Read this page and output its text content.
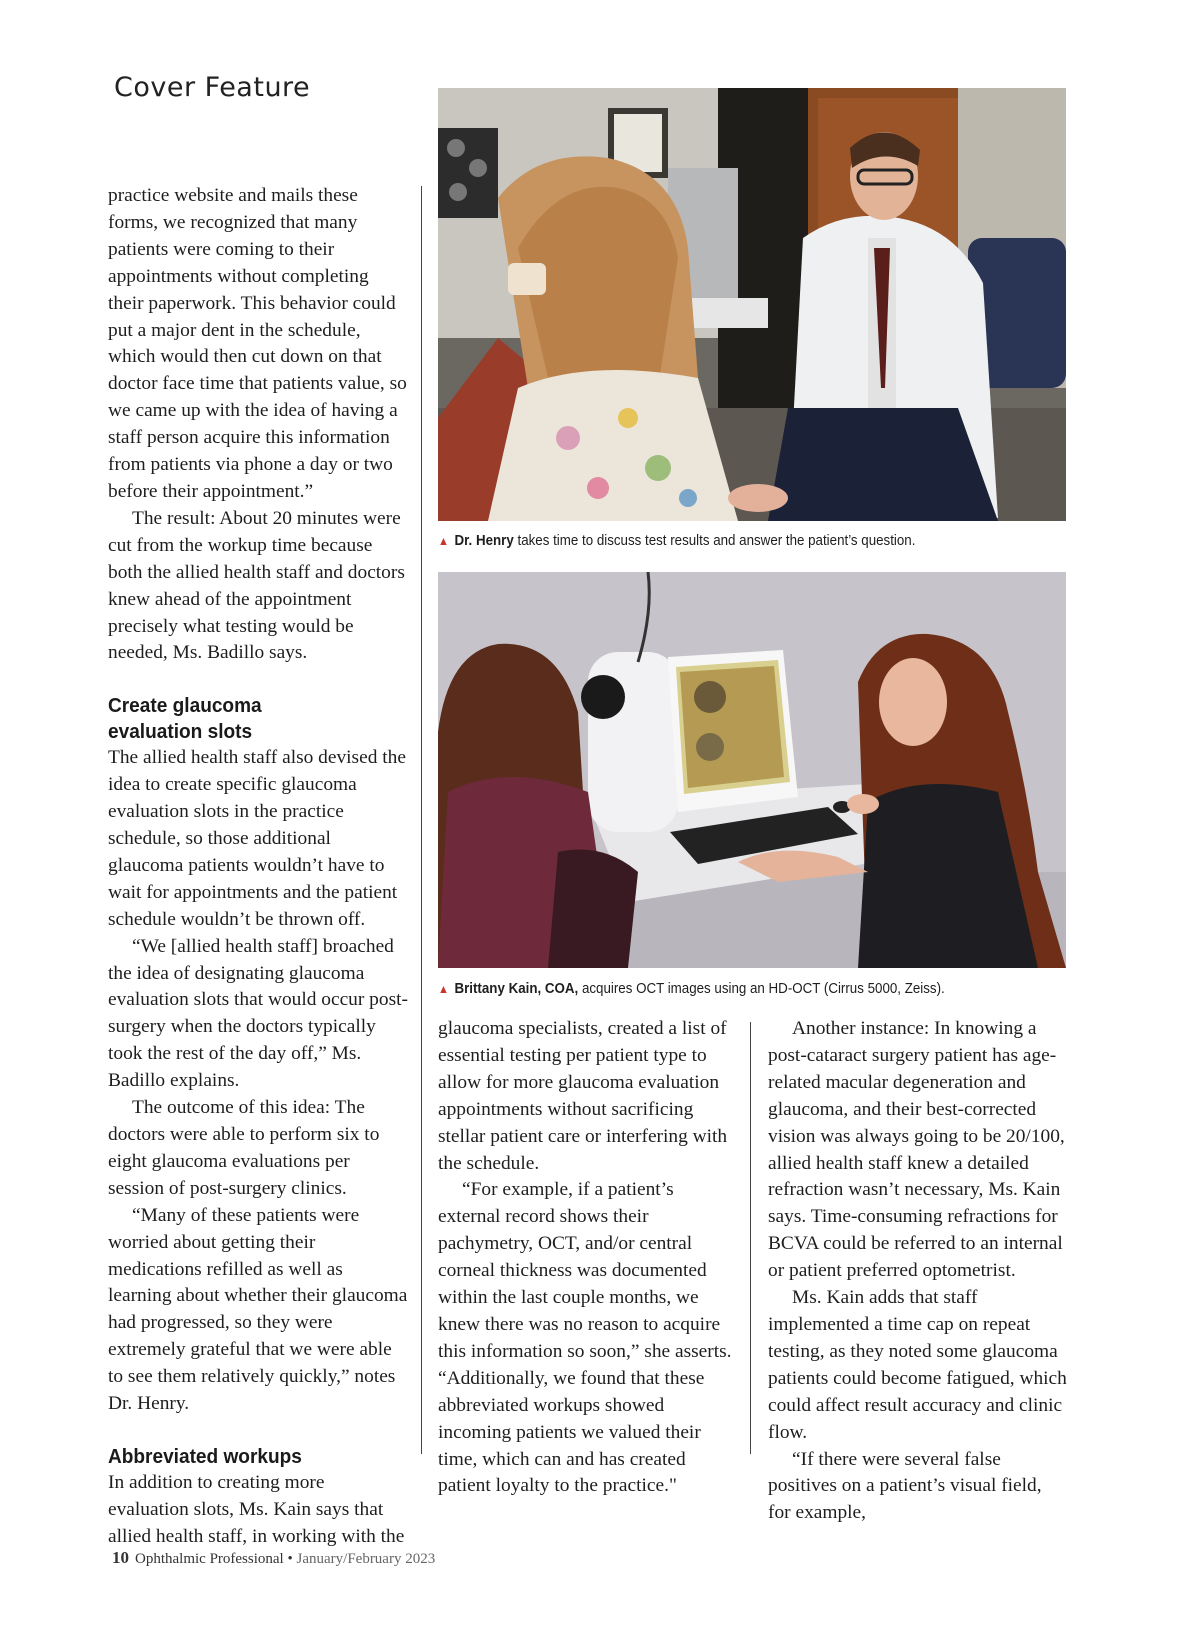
Cover Feature

practice website and mails these forms, we recognized that many patients were coming to their appointments without completing their paperwork. This behavior could put a major dent in the schedule, which would then cut down on that doctor face time that patients value, so we came up with the idea of having a staff person acquire this information from patients via phone a day or two before their appointment.”

The result: About 20 minutes were cut from the workup time because both the allied health staff and doctors knew ahead of the appointment precisely what testing would be needed, Ms. Badillo says.

Create glaucoma evaluation slots

The allied health staff also devised the idea to create specific glaucoma evaluation slots in the practice schedule, so those additional glaucoma patients wouldn’t have to wait for appointments and the patient schedule wouldn’t be thrown off.

“We [allied health staff] broached the idea of designating glaucoma evaluation slots that would occur post-surgery when the doctors typically took the rest of the day off,” Ms. Badillo explains.

The outcome of this idea: The doctors were able to perform six to eight glaucoma evaluations per session of post-surgery clinics.

“Many of these patients were worried about getting their medications refilled as well as learning about whether their glaucoma had progressed, so they were extremely grateful that we were able to see them relatively quickly,” notes Dr. Henry.

Abbreviated workups

In addition to creating more evaluation slots, Ms. Kain says that allied health staff, in working with the

▲ Dr. Henry takes time to discuss test results and answer the patient’s question.
▲ Brittany Kain, COA, acquires OCT images using an HD-OCT (Cirrus 5000, Zeiss).

glaucoma specialists, created a list of essential testing per patient type to allow for more glaucoma evaluation appointments without sacrificing stellar patient care or interfering with the schedule.

“For example, if a patient’s external record shows their pachymetry, OCT, and/or central corneal thickness was documented within the last couple months, we knew there was no reason to acquire this information so soon,” she asserts. “Additionally, we found that these abbreviated workups showed incoming patients we valued their time, which can and has created patient loyalty to the practice."

Another instance: In knowing a post-cataract surgery patient has age-related macular degeneration and glaucoma, and their best-corrected vision was always going to be 20/100, allied health staff knew a detailed refraction wasn’t necessary, Ms. Kain says. Time-consuming refractions for BCVA could be referred to an internal or patient preferred optometrist.

Ms. Kain adds that staff implemented a time cap on repeat testing, as they noted some glaucoma patients could become fatigued, which could affect result accuracy and clinic flow.

“If there were several false positives on a patient’s visual field, for example,

10 Ophthalmic Professional • January/February 2023
